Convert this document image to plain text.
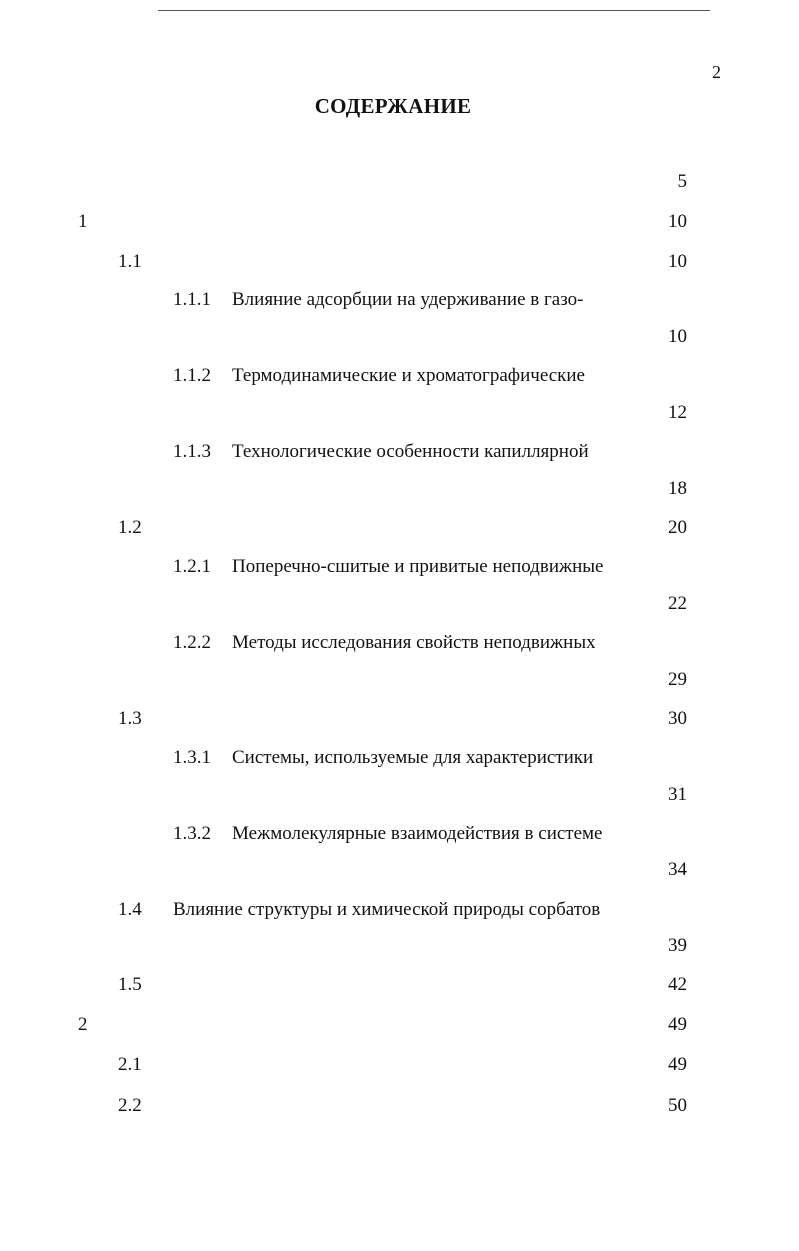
2
СОДЕРЖАНИЕ
5
1	10
1.1	10
1.1.1 Влияние адсорбции на удерживание в газо-
10
1.1.2 Термодинамические и хроматографические
12
1.1.3 Технологические особенности капиллярной
18
1.2	20
1.2.1 Поперечно-сшитые и привитые неподвижные
22
1.2.2 Методы исследования свойств неподвижных
29
1.3	30
1.3.1 Системы, используемые для характеристики
31
1.3.2 Межмолекулярные взаимодействия в системе
34
1.4 Влияние структуры и химической природы сорбатов
39
1.5	42
2	49
2.1	49
2.2	50
